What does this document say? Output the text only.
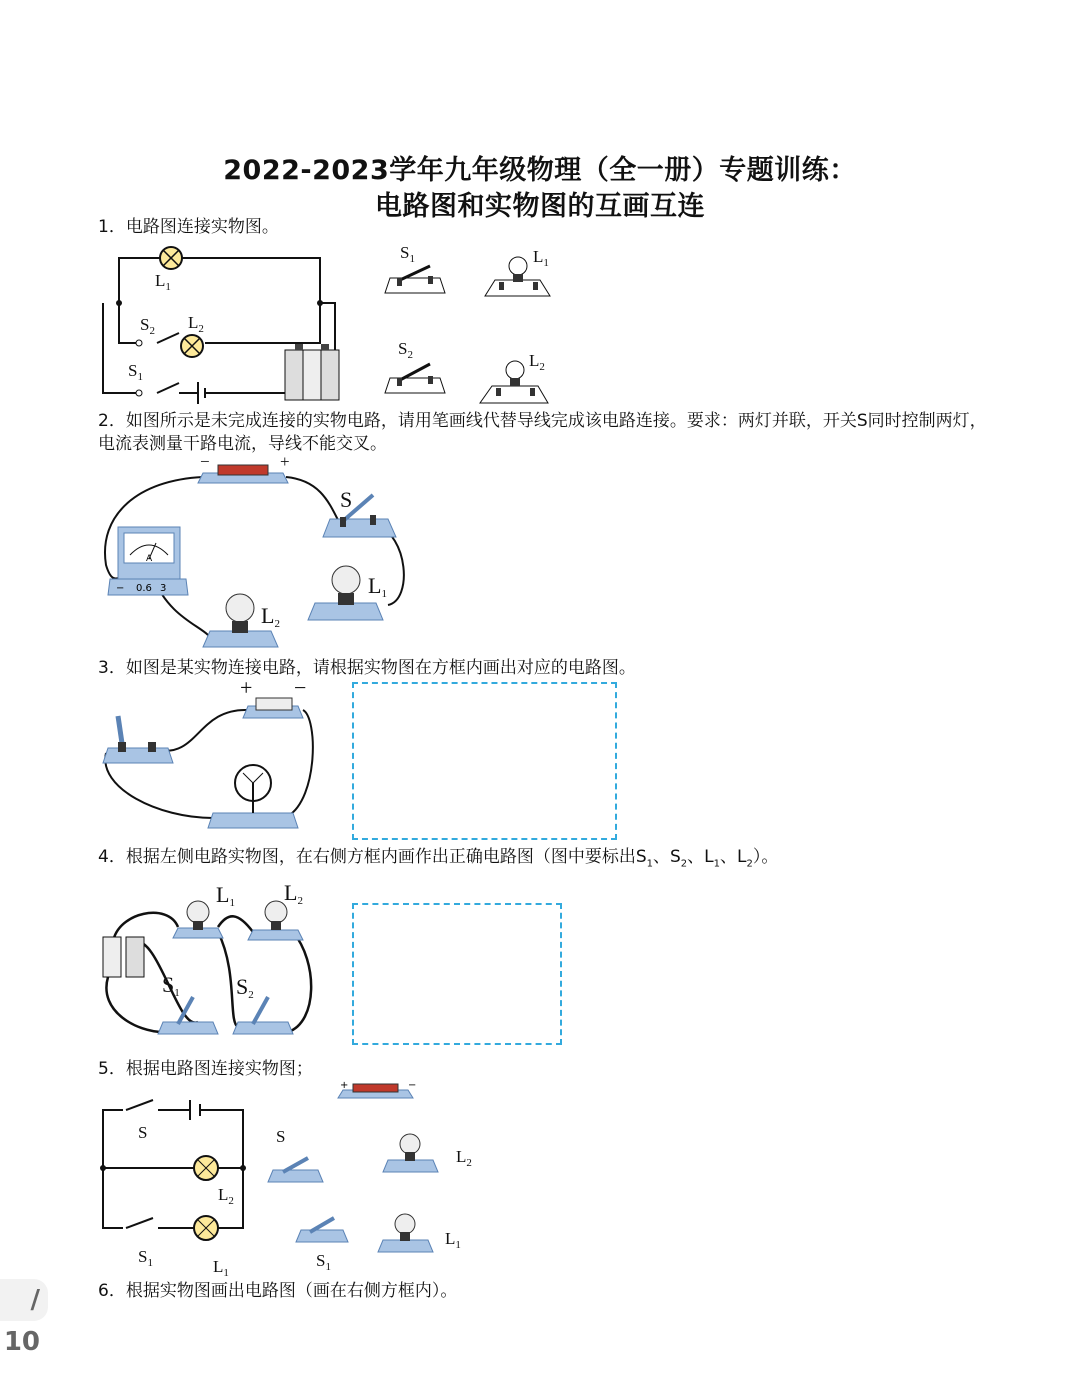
2022-2023学年九年级物理（全一册）专题训练：
电路图和实物图的互画互连
1．电路图连接实物图。
$L_1$
$S_2$ $L_2$
$S_1$
$S_1$	$L_1$
$S_2$	$L_2$
2．如图所示是未完成连接的实物电路，请用笔画线代替导线完成该电路连接。要求：两灯并联，开关S同时控制两灯，电流表测量干路电流，导线不能交叉。
−	+
S
A
− 0.6 3	L1
L2
3．如图是某实物连接电路，请根据实物图在方框内画出对应的电路图。
+ −
4．根据左侧电路实物图，在右侧方框内画作出正确电路图（图中要标出$S_1$、$S_2$、$L_1$、$L_2$）。
L1 L2
S1	S2
5．根据电路图连接实物图；
S
$L_2$
$S_1$	$L_1$
+	−
S
$L_2$
$S_1$
$L_1$
6．根据实物图画出电路图（画在右侧方框内）。
/ 10
